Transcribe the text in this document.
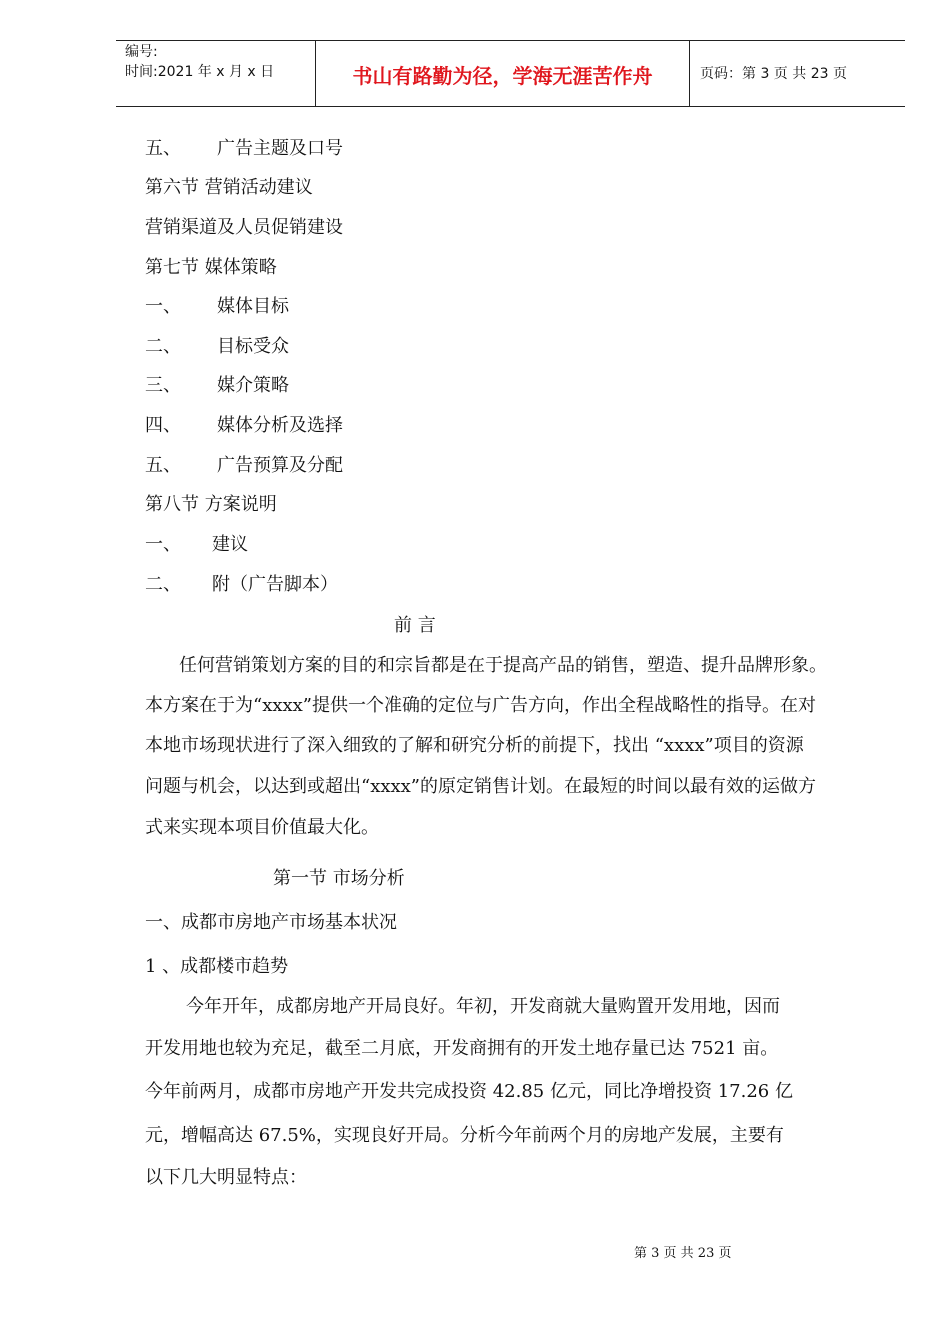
编号:
时间:2021 年 x 月 x 日	书山有路勤为径，学海无涯苦作舟	页码：第 3 页 共 23 页
五、 广告主题及口号
第六节 营销活动建议
营销渠道及人员促销建设
第七节 媒体策略
一、 媒体目标
二、 目标受众
三、 媒介策略
四、 媒体分析及选择
五、 广告预算及分配
第八节 方案说明
一、 建议
二、 附（广告脚本）
前 言
任何营销策划方案的目的和宗旨都是在于提高产品的销售，塑造、提升品牌形象。
本方案在于为“xxxx”提供一个准确的定位与广告方向，作出全程战略性的指导。在对
本地市场现状进行了深入细致的了解和研究分析的前提下，找出 “xxxx”项目的资源
问题与机会，以达到或超出“xxxx”的原定销售计划。在最短的时间以最有效的运做方
式来实现本项目价值最大化。
第一节 市场分析
一、成都市房地产市场基本状况
1 、成都楼市趋势
今年开年，成都房地产开局良好。年初，开发商就大量购置开发用地，因而
开发用地也较为充足，截至二月底，开发商拥有的开发土地存量已达 7521 亩。
今年前两月，成都市房地产开发共完成投资 42.85 亿元，同比净增投资 17.26 亿
元，增幅高达 67.5%，实现良好开局。分析今年前两个月的房地产发展，主要有
以下几大明显特点：
第 3 页 共 23 页
